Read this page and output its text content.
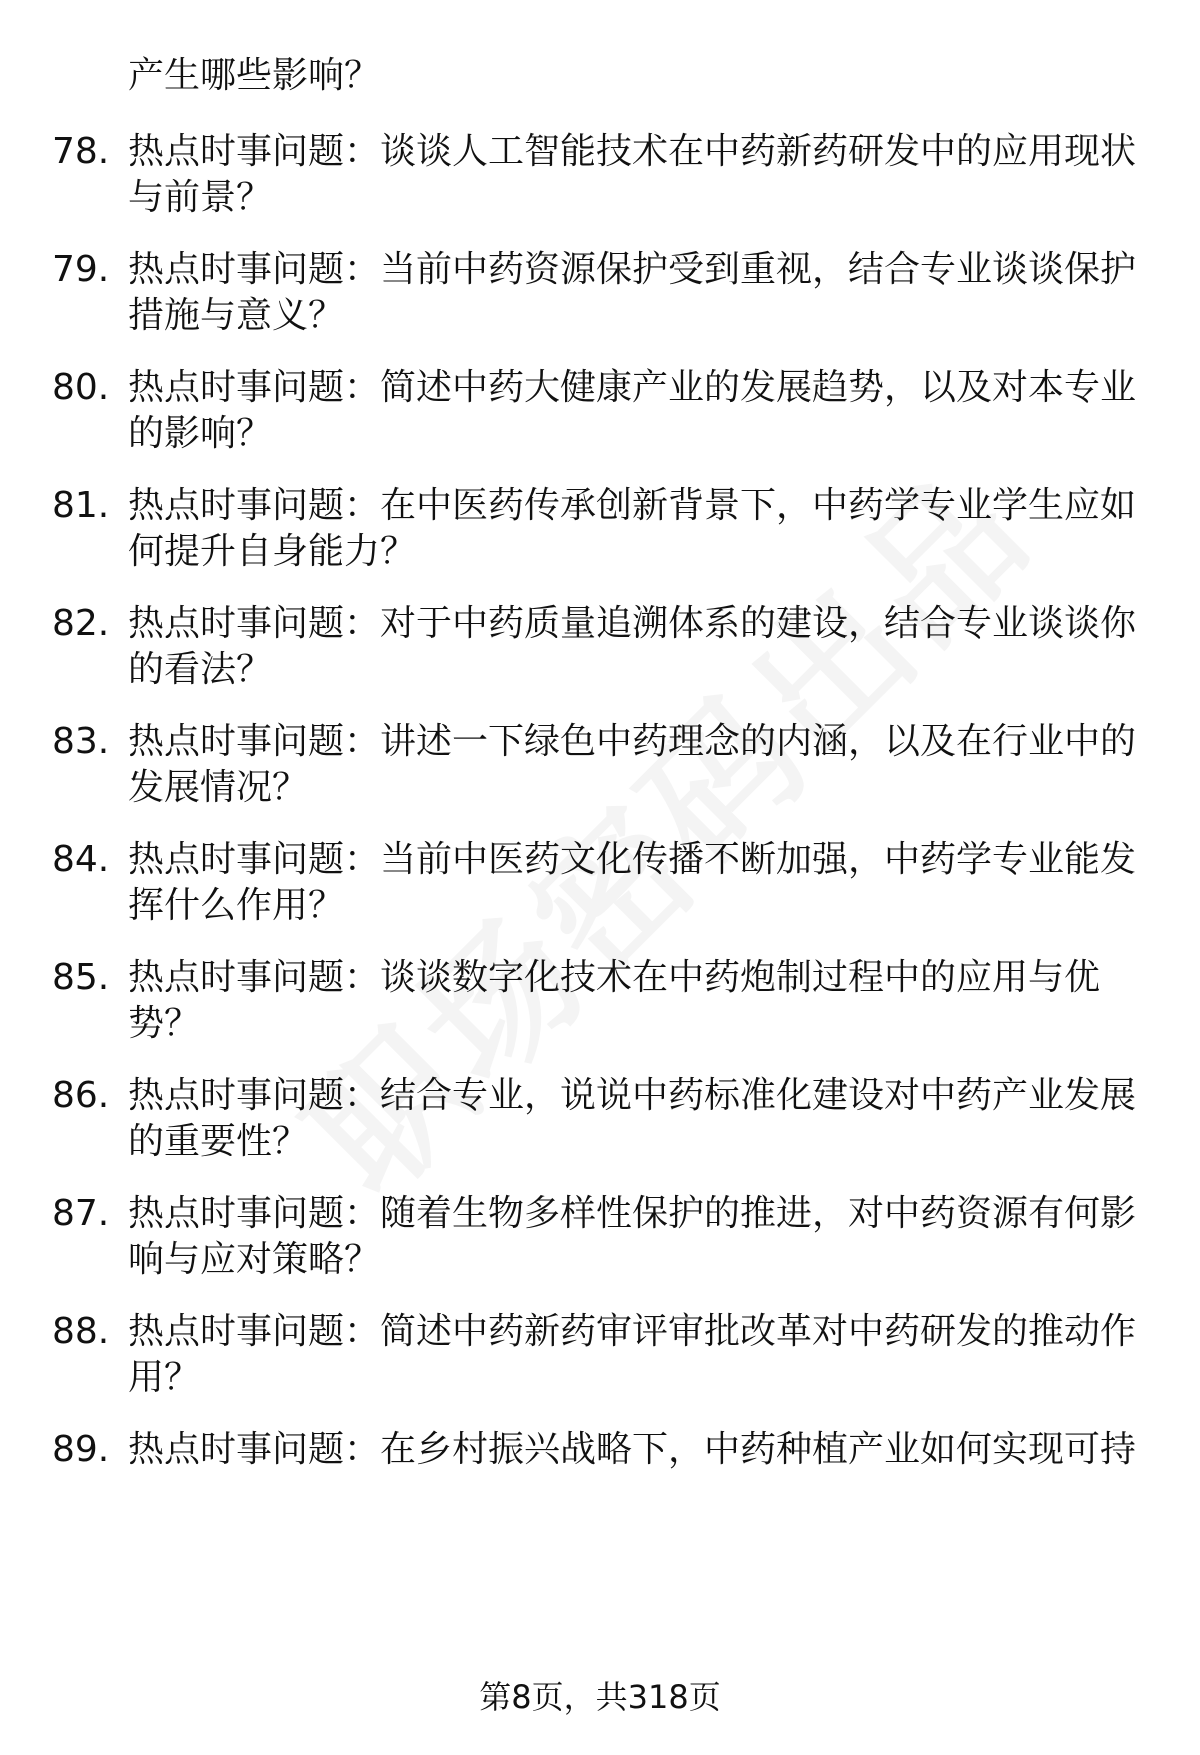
产生哪些影响？
78. 热点时事问题：谈谈人工智能技术在中药新药研发中的应用现状
与前景？
79. 热点时事问题：当前中药资源保护受到重视，结合专业谈谈保护
措施与意义？
80. 热点时事问题：简述中药大健康产业的发展趋势，以及对本专业
的影响？
81. 热点时事问题：在中医药传承创新背景下，中药学专业学生应如
何提升自身能力？
82. 热点时事问题：对于中药质量追溯体系的建设，结合专业谈谈你
的看法？
83. 热点时事问题：讲述一下绿色中药理念的内涵，以及在行业中的
发展情况？
84. 热点时事问题：当前中医药文化传播不断加强，中药学专业能发
挥什么作用？
85. 热点时事问题：谈谈数字化技术在中药炮制过程中的应用与优
势？
86. 热点时事问题：结合专业，说说中药标准化建设对中药产业发展
的重要性？
87. 热点时事问题：随着生物多样性保护的推进，对中药资源有何影
响与应对策略？
88. 热点时事问题：简述中药新药审评审批改革对中药研发的推动作
用？
89. 热点时事问题：在乡村振兴战略下，中药种植产业如何实现可持
第8页，共318页
